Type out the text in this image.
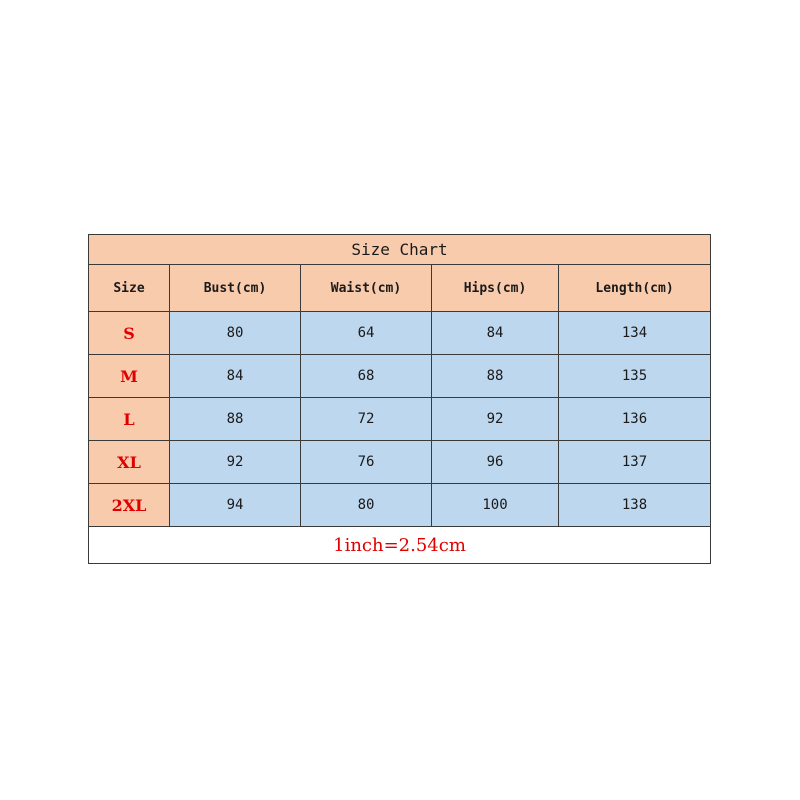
Size Chart				
Size	Bust(cm)	Waist(cm)	Hips(cm)	Length(cm)
S	80	64	84	134
M	84	68	88	135
L	88	72	92	136
XL	92	76	96	137
2XL	94	80	100	138
1inch=2.54cm				
